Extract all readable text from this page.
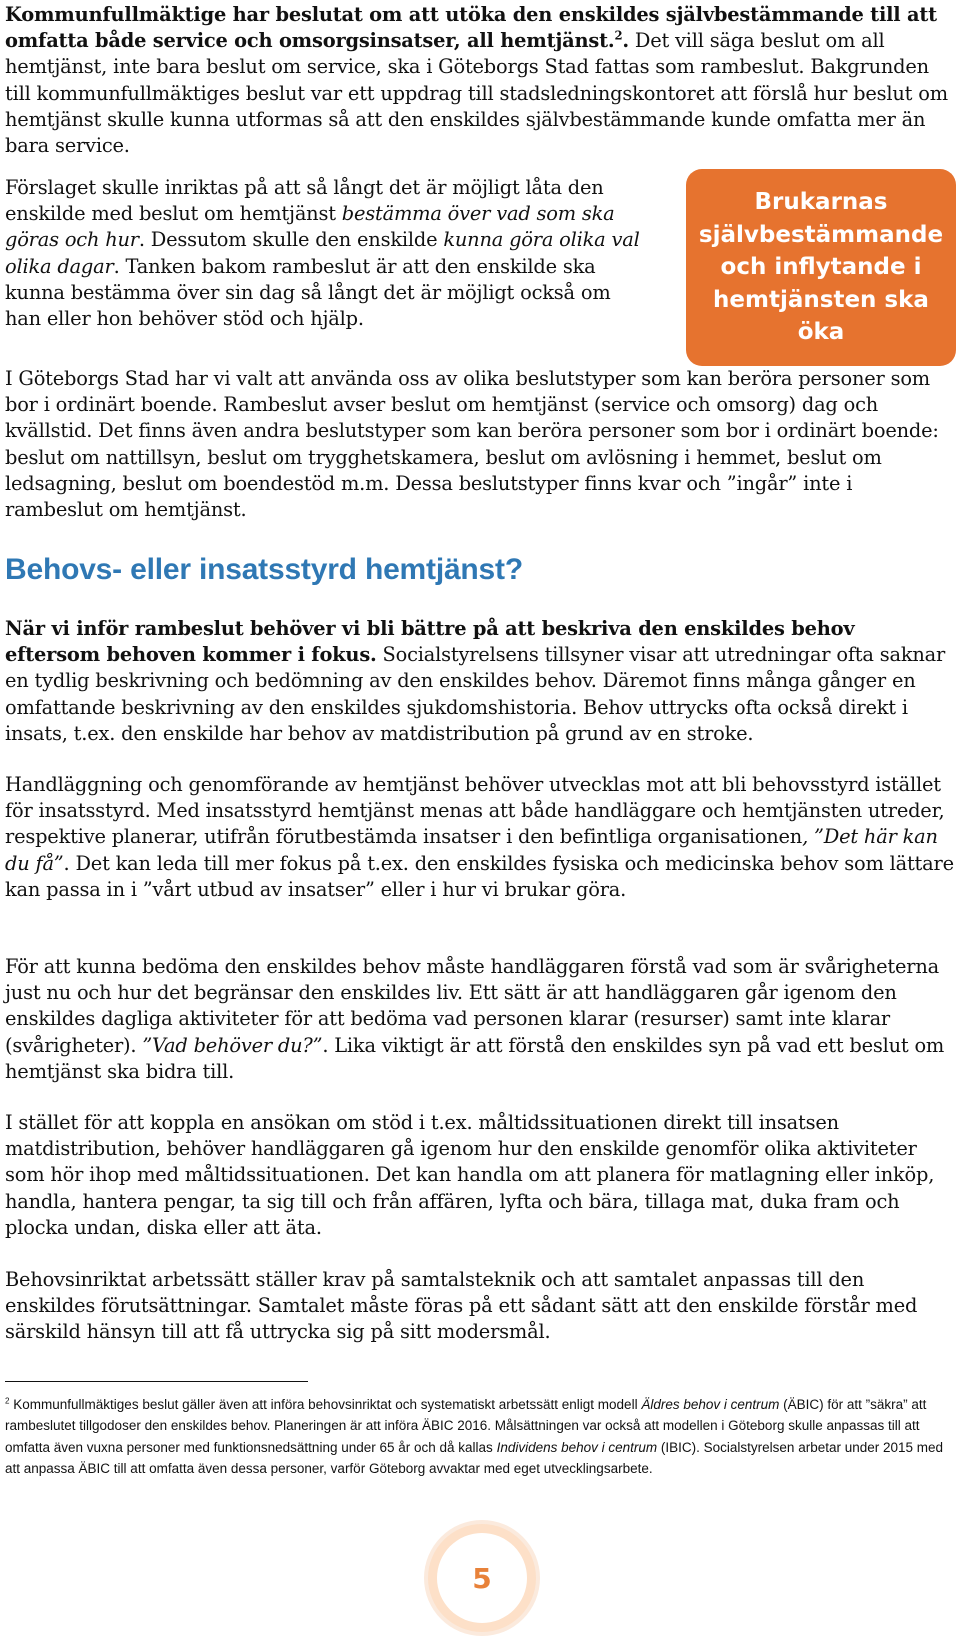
Kommunfullmäktige har beslutat om att utöka den enskildes självbestämmande till att omfatta både service och omsorgsinsatser, all hemtjänst.$^2$. Det vill säga beslut om all hemtjänst, inte bara beslut om service, ska i Göteborgs Stad fattas som rambeslut. Bakgrunden till kommunfullmäktiges beslut var ett uppdrag till stadsledningskontoret att förslå hur beslut om hemtjänst skulle kunna utformas så att den enskildes självbestämmande kunde omfatta mer än bara service.

Förslaget skulle inriktas på att så långt det är möjligt låta den enskilde med beslut om hemtjänst bestämma över vad som ska göras och hur. Dessutom skulle den enskilde kunna göra olika val olika dagar. Tanken bakom rambeslut är att den enskilde ska kunna bestämma över sin dag så långt det är möjligt också om han eller hon behöver stöd och hjälp.

Brukarnas självbestämmande och inflytande i hemtjänsten ska öka

I Göteborgs Stad har vi valt att använda oss av olika beslutstyper som kan beröra personer som bor i ordinärt boende. Rambeslut avser beslut om hemtjänst (service och omsorg) dag och kvällstid. Det finns även andra beslutstyper som kan beröra personer som bor i ordinärt boende: beslut om nattillsyn, beslut om trygghetskamera, beslut om avlösning i hemmet, beslut om ledsagning, beslut om boendestöd m.m. Dessa beslutstyper finns kvar och ”ingår” inte i rambeslut om hemtjänst.

Behovs- eller insatsstyrd hemtjänst?

När vi inför rambeslut behöver vi bli bättre på att beskriva den enskildes behov eftersom behoven kommer i fokus. Socialstyrelsens tillsyner visar att utredningar ofta saknar en tydlig beskrivning och bedömning av den enskildes behov. Däremot finns många gånger en omfattande beskrivning av den enskildes sjukdomshistoria. Behov uttrycks ofta också direkt i insats, t.ex. den enskilde har behov av matdistribution på grund av en stroke.

Handläggning och genomförande av hemtjänst behöver utvecklas mot att bli behovsstyrd istället för insatsstyrd. Med insatsstyrd hemtjänst menas att både handläggare och hemtjänsten utreder, respektive planerar, utifrån förutbestämda insatser i den befintliga organisationen, ”Det här kan du få”. Det kan leda till mer fokus på t.ex. den enskildes fysiska och medicinska behov som lättare kan passa in i ”vårt utbud av insatser” eller i hur vi brukar göra.

För att kunna bedöma den enskildes behov måste handläggaren förstå vad som är svårigheterna just nu och hur det begränsar den enskildes liv. Ett sätt är att handläggaren går igenom den enskildes dagliga aktiviteter för att bedöma vad personen klarar (resurser) samt inte klarar (svårigheter). ”Vad behöver du?”. Lika viktigt är att förstå den enskildes syn på vad ett beslut om hemtjänst ska bidra till.

I stället för att koppla en ansökan om stöd i t.ex. måltidssituationen direkt till insatsen matdistribution, behöver handläggaren gå igenom hur den enskilde genomför olika aktiviteter som hör ihop med måltidssituationen. Det kan handla om att planera för matlagning eller inköp, handla, hantera pengar, ta sig till och från affären, lyfta och bära, tillaga mat, duka fram och plocka undan, diska eller att äta.

Behovsinriktat arbetssätt ställer krav på samtalsteknik och att samtalet anpassas till den enskildes förutsättningar. Samtalet måste föras på ett sådant sätt att den enskilde förstår med särskild hänsyn till att få uttrycka sig på sitt modersmål.

$^2$ Kommunfullmäktiges beslut gäller även att införa behovsinriktat och systematiskt arbetssätt enligt modell Äldres behov i centrum (ÄBIC) för att ”säkra” att rambeslutet tillgodoser den enskildes behov. Planeringen är att införa ÄBIC 2016. Målsättningen var också att modellen i Göteborg skulle anpassas till att omfatta även vuxna personer med funktionsnedsättning under 65 år och då kallas Individens behov i centrum (IBIC). Socialstyrelsen arbetar under 2015 med att anpassa ÄBIC till att omfatta även dessa personer, varför Göteborg avvaktar med eget utvecklingsarbete.

5
